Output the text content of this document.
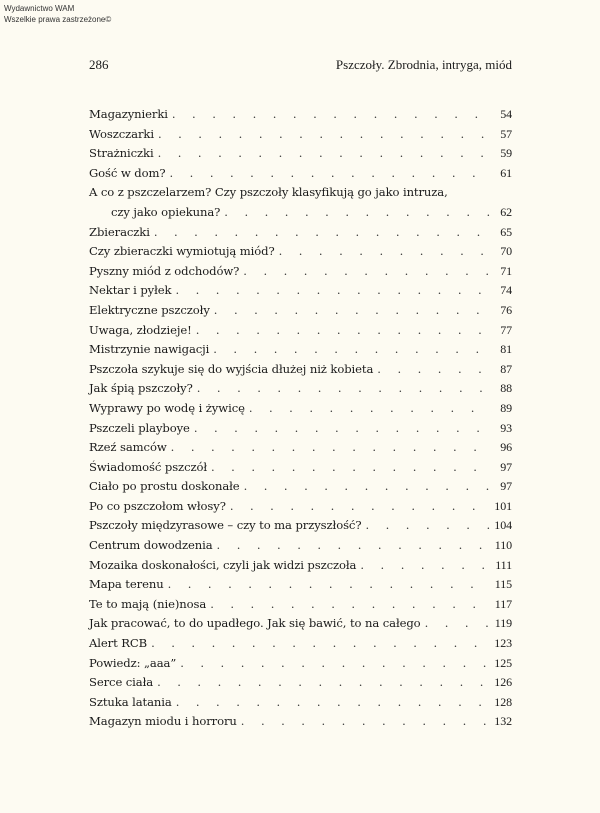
Wydawnictwo WAM
Wszelkie prawa zastrzeżone©
286	Pszczoły. Zbrodnia, intryga, miód
Magazynierki . . .	54
Woszczarki . . .	57
Strażniczki . . .	59
Gość w dom? . . .	61
A co z pszczelarzem? Czy pszczoły klasyfikują go jako intruza,
czy jako opiekuna? . . .	62
Zbieraczki . . .	65
Czy zbieraczki wymiotują miód? . . .	70
Pyszny miód z odchodów? . . .	71
Nektar i pyłek . . .	74
Elektryczne pszczoły . . .	76
Uwaga, złodzieje! . . .	77
Mistrzynie nawigacji . . .	81
Pszczoła szykuje się do wyjścia dłużej niż kobieta . . .	87
Jak śpią pszczoły? . . .	88
Wyprawy po wodę i żywicę . . .	89
Pszczeli playboye . . .	93
Rzeź samców . . .	96
Świadomość pszczół . . .	97
Ciało po prostu doskonałe . . .	97
Po co pszczołom włosy? . . .	101
Pszczoły międzyrasowe – czy to ma przyszłość? . . .	104
Centrum dowodzenia . . .	110
Mozaika doskonałości, czyli jak widzi pszczoła . . .	111
Mapa terenu . . .	115
Te to mają (nie)nosa . . .	117
Jak pracować, to do upadłego. Jak się bawić, to na całego . . .	119
Alert RCB . . .	123
Powiedz: „aaa” . . .	125
Serce ciała . . .	126
Sztuka latania . . .	128
Magazyn miodu i horroru . . .	132
